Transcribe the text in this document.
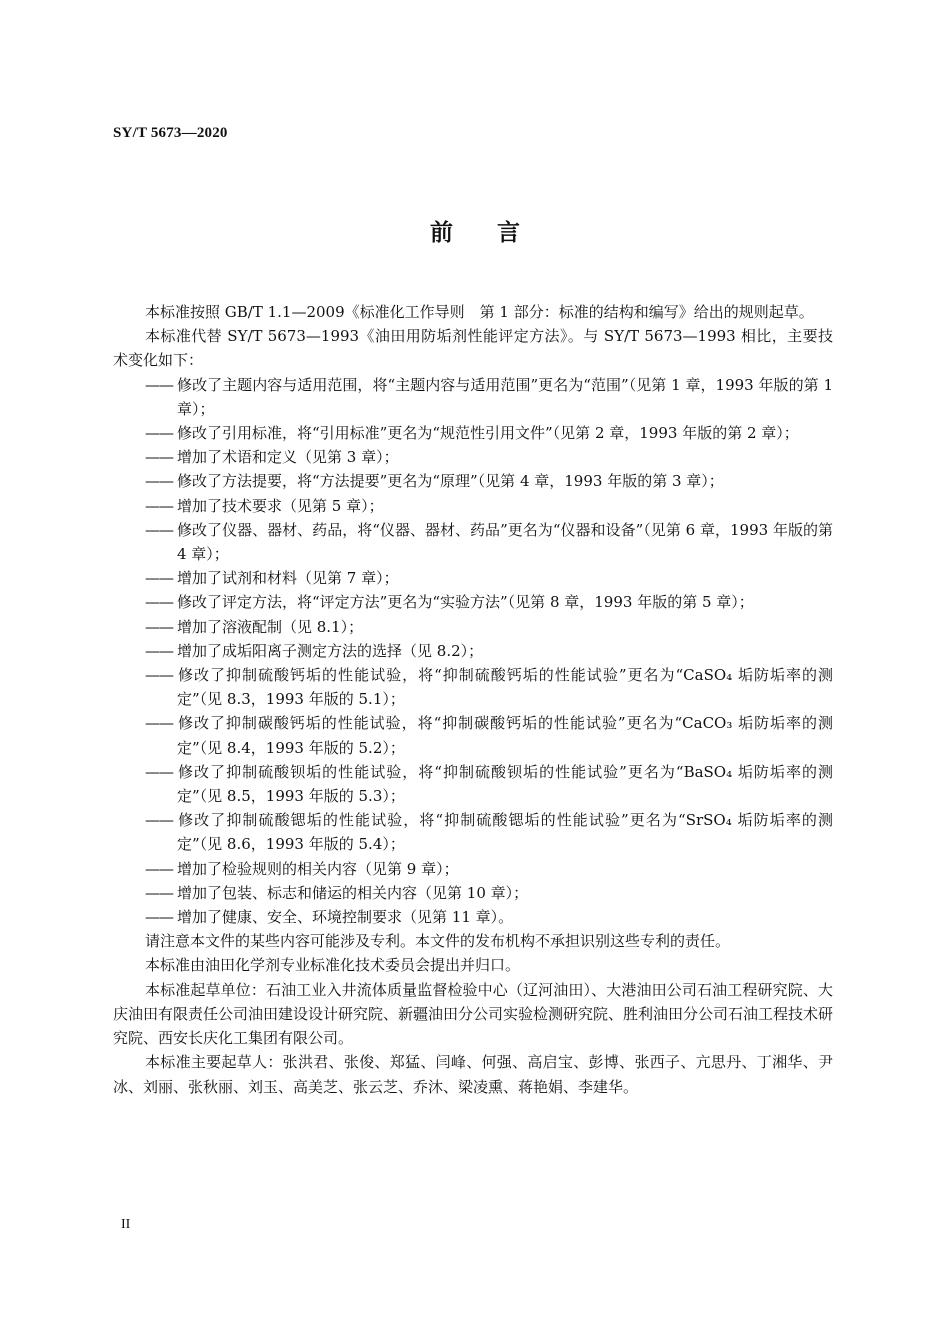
SY/T 5673—2020
前言

本标准按照 GB/T 1.1—2009《标准化工作导则　第 1 部分：标准的结构和编写》给出的规则起草。

本标准代替 SY/T 5673—1993《油田用防垢剂性能评定方法》。与 SY/T 5673—1993 相比，主要技术变化如下：

—— 修改了主题内容与适用范围，将“主题内容与适用范围”更名为“范围”（见第 1 章，1993 年版的第 1 章）；
—— 修改了引用标准，将“引用标准”更名为“规范性引用文件”（见第 2 章，1993 年版的第 2 章）；
—— 增加了术语和定义（见第 3 章）；
—— 修改了方法提要，将“方法提要”更名为“原理”（见第 4 章，1993 年版的第 3 章）；
—— 增加了技术要求（见第 5 章）；
—— 修改了仪器、器材、药品，将“仪器、器材、药品”更名为“仪器和设备”（见第 6 章，1993 年版的第 4 章）；
—— 增加了试剂和材料（见第 7 章）；
—— 修改了评定方法，将“评定方法”更名为“实验方法”（见第 8 章，1993 年版的第 5 章）；
—— 增加了溶液配制（见 8.1）；
—— 增加了成垢阳离子测定方法的选择（见 8.2）；
—— 修改了抑制硫酸钙垢的性能试验，将“抑制硫酸钙垢的性能试验”更名为“CaSO₄ 垢防垢率的测定”（见 8.3，1993 年版的 5.1）；
—— 修改了抑制碳酸钙垢的性能试验，将“抑制碳酸钙垢的性能试验”更名为“CaCO₃ 垢防垢率的测定”（见 8.4，1993 年版的 5.2）；
—— 修改了抑制硫酸钡垢的性能试验，将“抑制硫酸钡垢的性能试验”更名为“BaSO₄ 垢防垢率的测定”（见 8.5，1993 年版的 5.3）；
—— 修改了抑制硫酸锶垢的性能试验，将“抑制硫酸锶垢的性能试验”更名为“SrSO₄ 垢防垢率的测定”（见 8.6，1993 年版的 5.4）；
—— 增加了检验规则的相关内容（见第 9 章）；
—— 增加了包装、标志和储运的相关内容（见第 10 章）；
—— 增加了健康、安全、环境控制要求（见第 11 章）。

请注意本文件的某些内容可能涉及专利。本文件的发布机构不承担识别这些专利的责任。

本标准由油田化学剂专业标准化技术委员会提出并归口。

本标准起草单位：石油工业入井流体质量监督检验中心（辽河油田）、大港油田公司石油工程研究院、大庆油田有限责任公司油田建设设计研究院、新疆油田分公司实验检测研究院、胜利油田分公司石油工程技术研究院、西安长庆化工集团有限公司。

本标准主要起草人：张洪君、张俊、郑猛、闫峰、何强、高启宝、彭博、张西子、亢思丹、丁湘华、尹冰、刘丽、张秋丽、刘玉、高美芝、张云芝、乔沐、梁凌熏、蒋艳娟、李建华。

II
